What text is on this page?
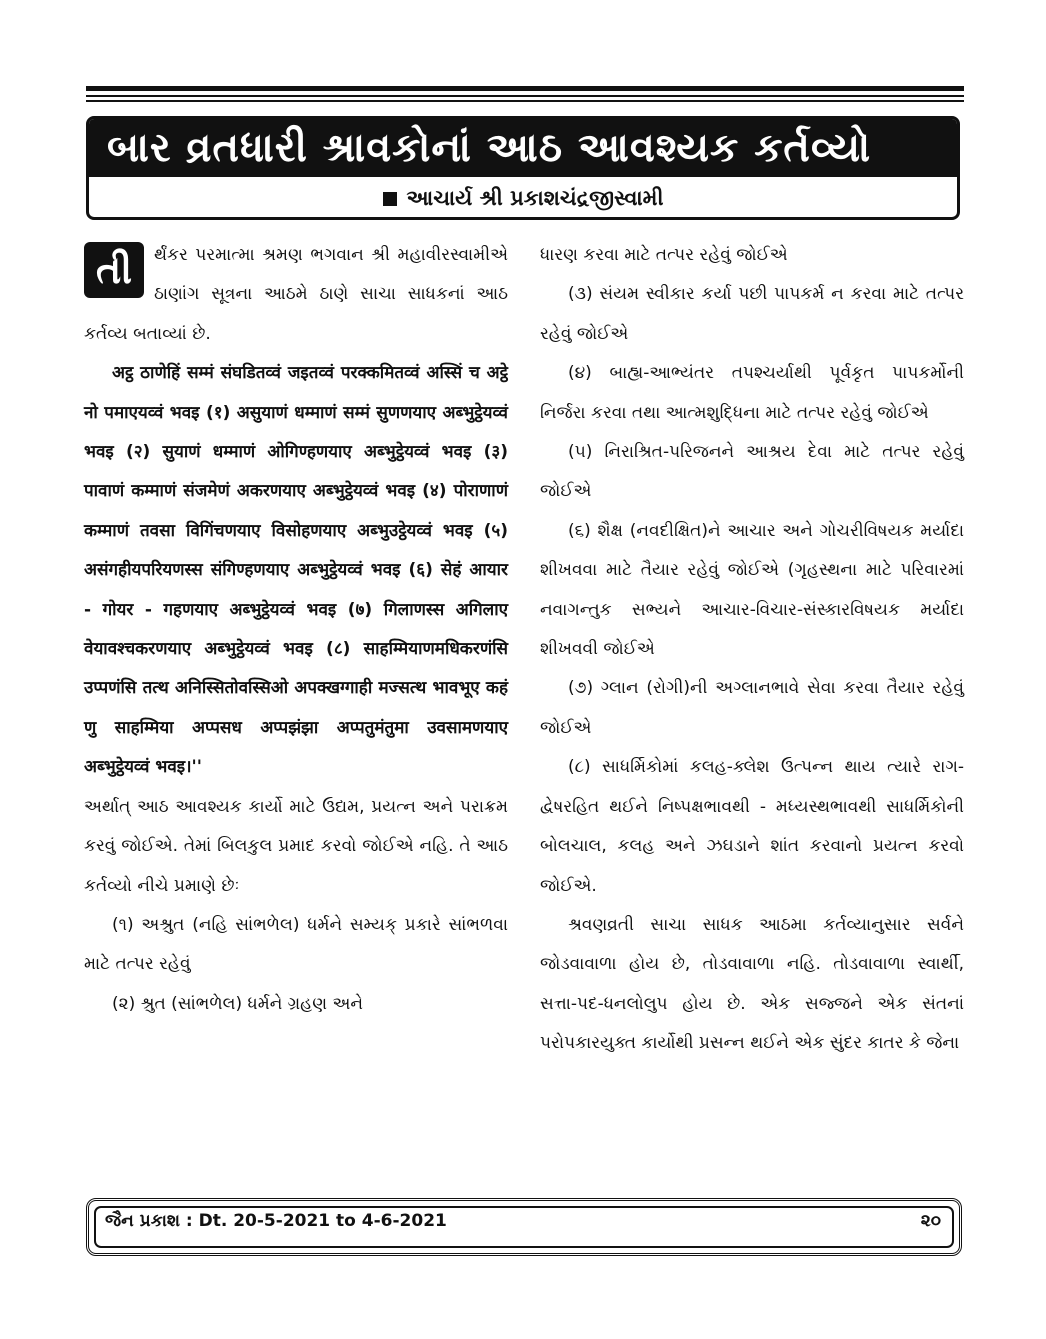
બાર વ્રતધારી શ્રાવકોનાં આઠ આવશ્યક કર્તવ્યો
આચાર્ય શ્રી પ્રકાશચંદ્રજીસ્વામી

તી	ર્થંકર પરમાત્મા શ્રમણ ભગવાન શ્રી મહાવીરસ્વામીએ ઠાણાંગ સૂત્રના આઠમે ઠાણે સાચા સાધકનાં આઠ કર્તવ્ય બતાવ્યાં છે.

अट्ठ ठाणेहिं सम्मं संघडितव्वं जइतव्वं परक्कमितव्वं अस्सिं च अट्ठे नो पमाएयव्वं भवइ (१) असुयाणं धम्माणं सम्मं सुणणयाए अब्भुट्ठेयव्वं भवइ (२) सुयाणं धम्माणं ओगिण्हणयाए अब्भुट्ठेयव्वं भवइ (३) पावाणं कम्माणं संजमेणं अकरणयाए अब्भुट्ठेयव्वं भवइ (४) पोराणाणं कम्माणं तवसा विगिंचणयाए विसोहणयाए अब्भुउट्ठेयव्वं भवइ (५) असंगहीयपरियणस्स संगिण्हणयाए अब्भुट्ठेयव्वं भवइ (६) सेहं आयार - गोयर - गहणयाए अब्भुट्ठेयव्वं भवइ (७) गिलाणस्स अगिलाए वेयावश्चकरणयाए अब्भुट्ठेयव्वं भवइ (८) साहम्मियाणमधिकरणंसि उप्पणंसि तत्थ अनिस्सितोवस्सिओ अपक्खग्गाही मज्सत्थ भावभूए कहं णु साहम्मिया अप्पसध अप्पझंझा अप्पतुमंतुमा उवसामणयाए अब्भुट्ठेयव्वं भवइ।''

અર્થાત્ આઠ આવશ્યક કાર્યો માટે ઉદ્યમ, પ્રયત્ન અને પરાક્રમ કરવું જોઈએ. તેમાં બિલકુલ પ્રમાદ કરવો જોઈએ નહિ. તે આઠ કર્તવ્યો નીચે પ્રમાણે છેઃ

(૧) અશ્રુત (નહિ સાંભળેલ) ધર્મને સમ્યક્ પ્રકારે સાંભળવા માટે તત્પર રહેવું

(૨) શ્રુત (સાંભળેલ) ધર્મને ગ્રહણ અને

ધારણ કરવા માટે તત્પર રહેવું જોઈએ

(૩) સંયમ સ્વીકાર કર્યા પછી પાપકર્મ ન કરવા માટે તત્પર રહેવું જોઈએ

(૪) બાહ્ય-આભ્યંતર તપશ્ચર્યાથી પૂર્વકૃત પાપકર્મોની નિર્જરા કરવા તથા આત્મશુદ્ધિના માટે તત્પર રહેવું જોઈએ

(૫) નિરાશ્રિત-પરિજનને આશ્રય દેવા માટે તત્પર રહેવું જોઈએ

(૬) શૈક્ષ (નવદીક્ષિત)ને આચાર અને ગોચરીવિષયક મર્યાદા શીખવવા માટે તૈયાર રહેવું જોઈએ (ગૃહસ્થના માટે પરિવારમાં નવાગન્તુક સભ્યને આચાર-વિચાર-સંસ્કારવિષયક મર્યાદા શીખવવી જોઈએ

(૭) ગ્લાન (રોગી)ની અગ્લાનભાવે સેવા કરવા તૈયાર રહેવું જોઈએ

(૮) સાધર્મિકોમાં કલહ-ક્લેશ ઉત્પન્ન થાય ત્યારે રાગ-દ્વેષરહિત થઈને નિષ્પક્ષભાવથી - મધ્યસ્થભાવથી સાધર્મિકોની બોલચાલ, કલહ અને ઝઘડાને શાંત કરવાનો પ્રયત્ન કરવો જોઈએ.

શ્રવણવ્રતી સાચા સાધક આઠમા કર્તવ્યાનુસાર સર્વને જોડવાવાળા હોય છે, તોડવાવાળા નહિ. તોડવાવાળા સ્વાર્થી, સત્તા-પદ-ધનલોલુપ હોય છે. એક સજ્જને એક સંતનાં પરોપકારયુક્ત કાર્યોથી પ્રસન્ન થઈને એક સુંદર કાતર કે જેના

જૈન પ્રકાશ : Dt. 20-5-2021 to 4-6-2021	૨૦
